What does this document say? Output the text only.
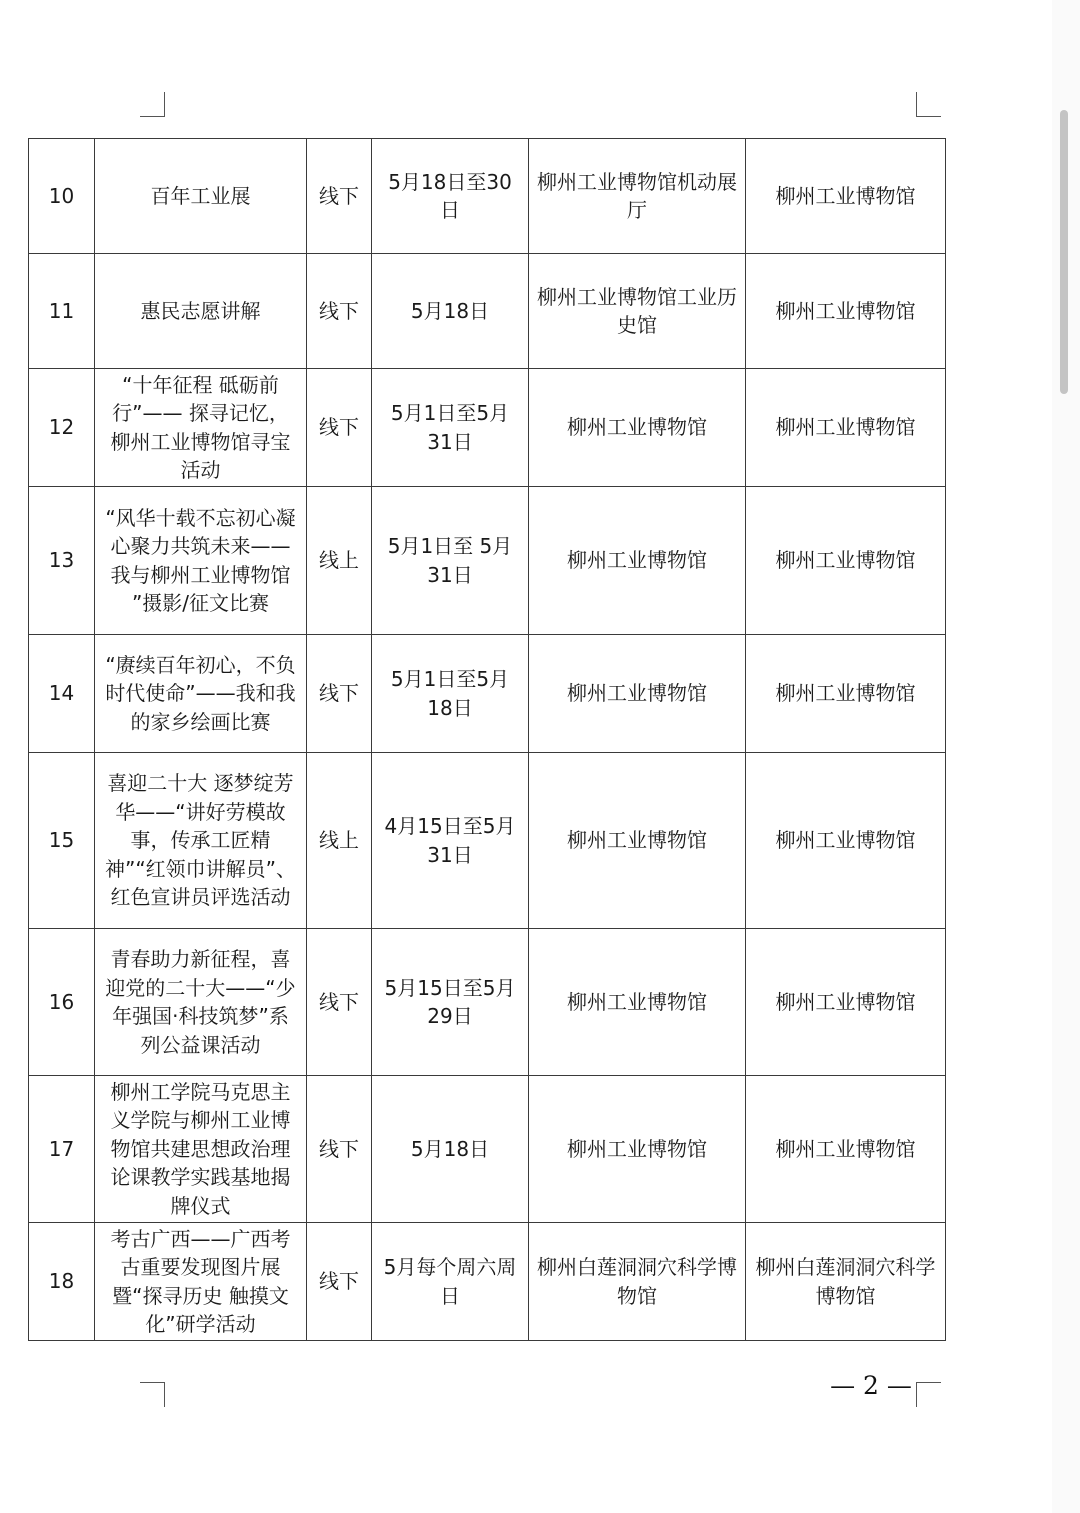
10	百年工业展	线下	5月18日至30日	柳州工业博物馆机动展厅	柳州工业博物馆
11	惠民志愿讲解	线下	5月18日	柳州工业博物馆工业历史馆	柳州工业博物馆
12	“十年征程 砥砺前行”—— 探寻记忆，柳州工业博物馆寻宝活动	线下	5月1日至5月31日	柳州工业博物馆	柳州工业博物馆
13	“风华十载不忘初心凝心聚力共筑未来——我与柳州工业博物馆 ”摄影/征文比赛	线上	5月1日至 5月31日	柳州工业博物馆	柳州工业博物馆
14	“赓续百年初心，不负时代使命”——我和我的家乡绘画比赛	线下	5月1日至5月18日	柳州工业博物馆	柳州工业博物馆
15	喜迎二十大 逐梦绽芳华——“讲好劳模故事，传承工匠精神”“红领巾讲解员”、红色宣讲员评选活动	线上	4月15日至5月31日	柳州工业博物馆	柳州工业博物馆
16	青春助力新征程，喜迎党的二十大——“少年强国·科技筑梦”系列公益课活动	线下	5月15日至5月29日	柳州工业博物馆	柳州工业博物馆
17	柳州工学院马克思主义学院与柳州工业博物馆共建思想政治理论课教学实践基地揭牌仪式	线下	5月18日	柳州工业博物馆	柳州工业博物馆
18	考古广西——广西考古重要发现图片展暨“探寻历史 触摸文化”研学活动	线下	5月每个周六周日	柳州白莲洞洞穴科学博物馆	柳州白莲洞洞穴科学博物馆
— 2 —
